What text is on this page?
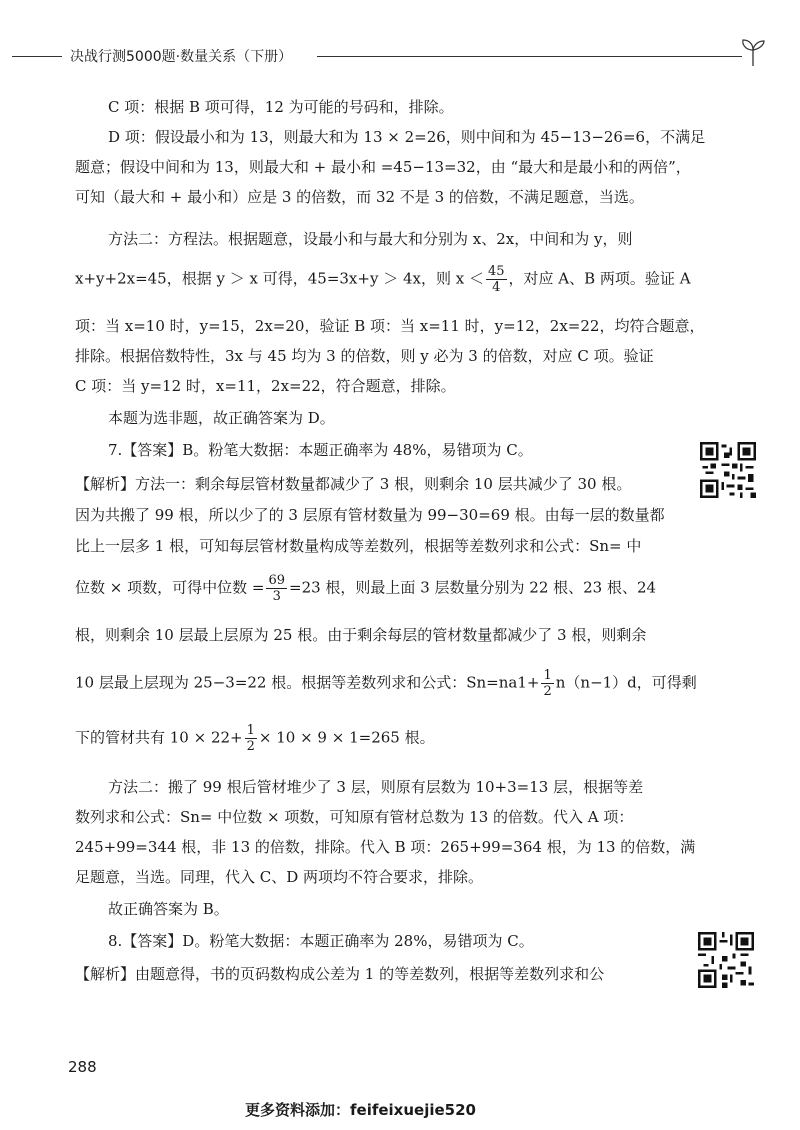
决战行测5000题·数量关系（下册）
C 项：根据 B 项可得，12 为可能的号码和，排除。
D 项：假设最小和为 13，则最大和为 13 × 2=26，则中间和为 45−13−26=6，不满足
题意；假设中间和为 13，则最大和 + 最小和 =45−13=32，由 “最大和是最小和的两倍”，
可知（最大和 + 最小和）应是 3 的倍数，而 32 不是 3 的倍数，不满足题意，当选。
方法二：方程法。根据题意，设最小和与最大和分别为 x、2x，中间和为 y，则
x+y+2x=45，根据 y ＞ x 可得，45=3x+y ＞ 4x，则 $x < \frac{45}{4}$ ，对应 A、B 两项。验证 A
项：当 x=10 时，y=15，2x=20，验证 B 项：当 x=11 时，y=12，2x=22，均符合题意，
排除。根据倍数特性，3x 与 45 均为 3 的倍数，则 y 必为 3 的倍数，对应 C 项。验证
C 项：当 y=12 时，x=11，2x=22，符合题意，排除。
本题为选非题，故正确答案为 D。
7.【答案】B。粉笔大数据：本题正确率为 48%，易错项为 C。
【解析】方法一：剩余每层管材数量都减少了 3 根，则剩余 10 层共减少了 30 根。
因为共搬了 99 根，所以少了的 3 层原有管材数量为 99−30=69 根。由每一层的数量都
比上一层多 1 根，可知每层管材数量构成等差数列，根据等差数列求和公式：Sn= 中
位数 × 项数，可得中位数 = $\frac{69}{3} =23$ 根，则最上面 3 层数量分别为 22 根、23 根、24
根，则剩余 10 层最上层原为 25 根。由于剩余每层的管材数量都减少了 3 根，则剩余
10 层最上层现为 25−3=22 根。根据等差数列求和公式：$Sn=na1+ \frac{1}{2} n(n-1)d$，可得剩
下的管材共有 $10 \times 22+ \frac{1}{2} \times 10 \times 9 \times 1=265$ 根。
方法二：搬了 99 根后管材堆少了 3 层，则原有层数为 10+3=13 层，根据等差
数列求和公式：Sn= 中位数 × 项数，可知原有管材总数为 13 的倍数。代入 A 项：
245+99=344 根，非 13 的倍数，排除。代入 B 项：265+99=364 根，为 13 的倍数，满
足题意，当选。同理，代入 C、D 两项均不符合要求，排除。
故正确答案为 B。
8.【答案】D。粉笔大数据：本题正确率为 28%，易错项为 C。
【解析】由题意得，书的页码数构成公差为 1 的等差数列，根据等差数列求和公
288
更多资料添加：feifeixuejie520
